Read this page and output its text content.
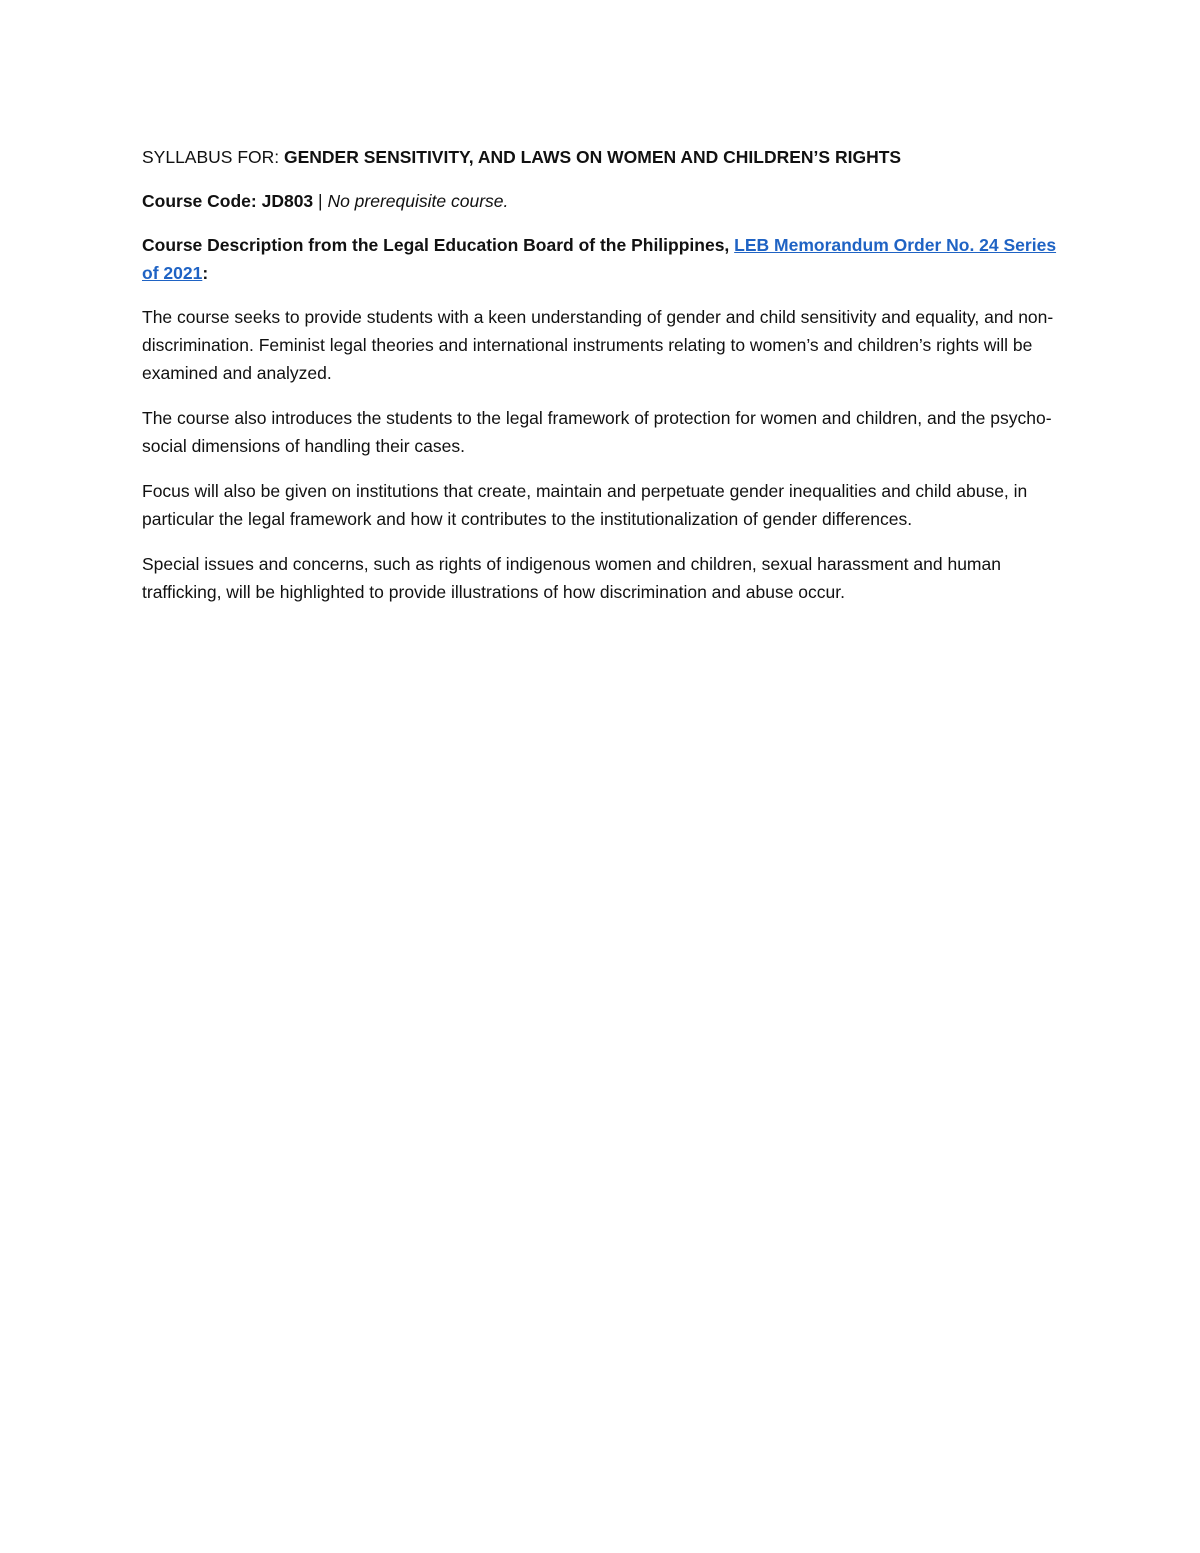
SYLLABUS FOR: GENDER SENSITIVITY, AND LAWS ON WOMEN AND CHILDREN’S RIGHTS

Course Code: JD803 | No prerequisite course.

Course Description from the Legal Education Board of the Philippines, LEB Memorandum Order No. 24 Series of 2021:

The course seeks to provide students with a keen understanding of gender and child sensitivity and equality, and non-discrimination. Feminist legal theories and international instruments relating to women’s and children’s rights will be examined and analyzed.

The course also introduces the students to the legal framework of protection for women and children, and the psycho-social dimensions of handling their cases.

Focus will also be given on institutions that create, maintain and perpetuate gender inequalities and child abuse, in particular the legal framework and how it contributes to the institutionalization of gender differences.

Special issues and concerns, such as rights of indigenous women and children, sexual harassment and human trafficking, will be highlighted to provide illustrations of how discrimination and abuse occur.
